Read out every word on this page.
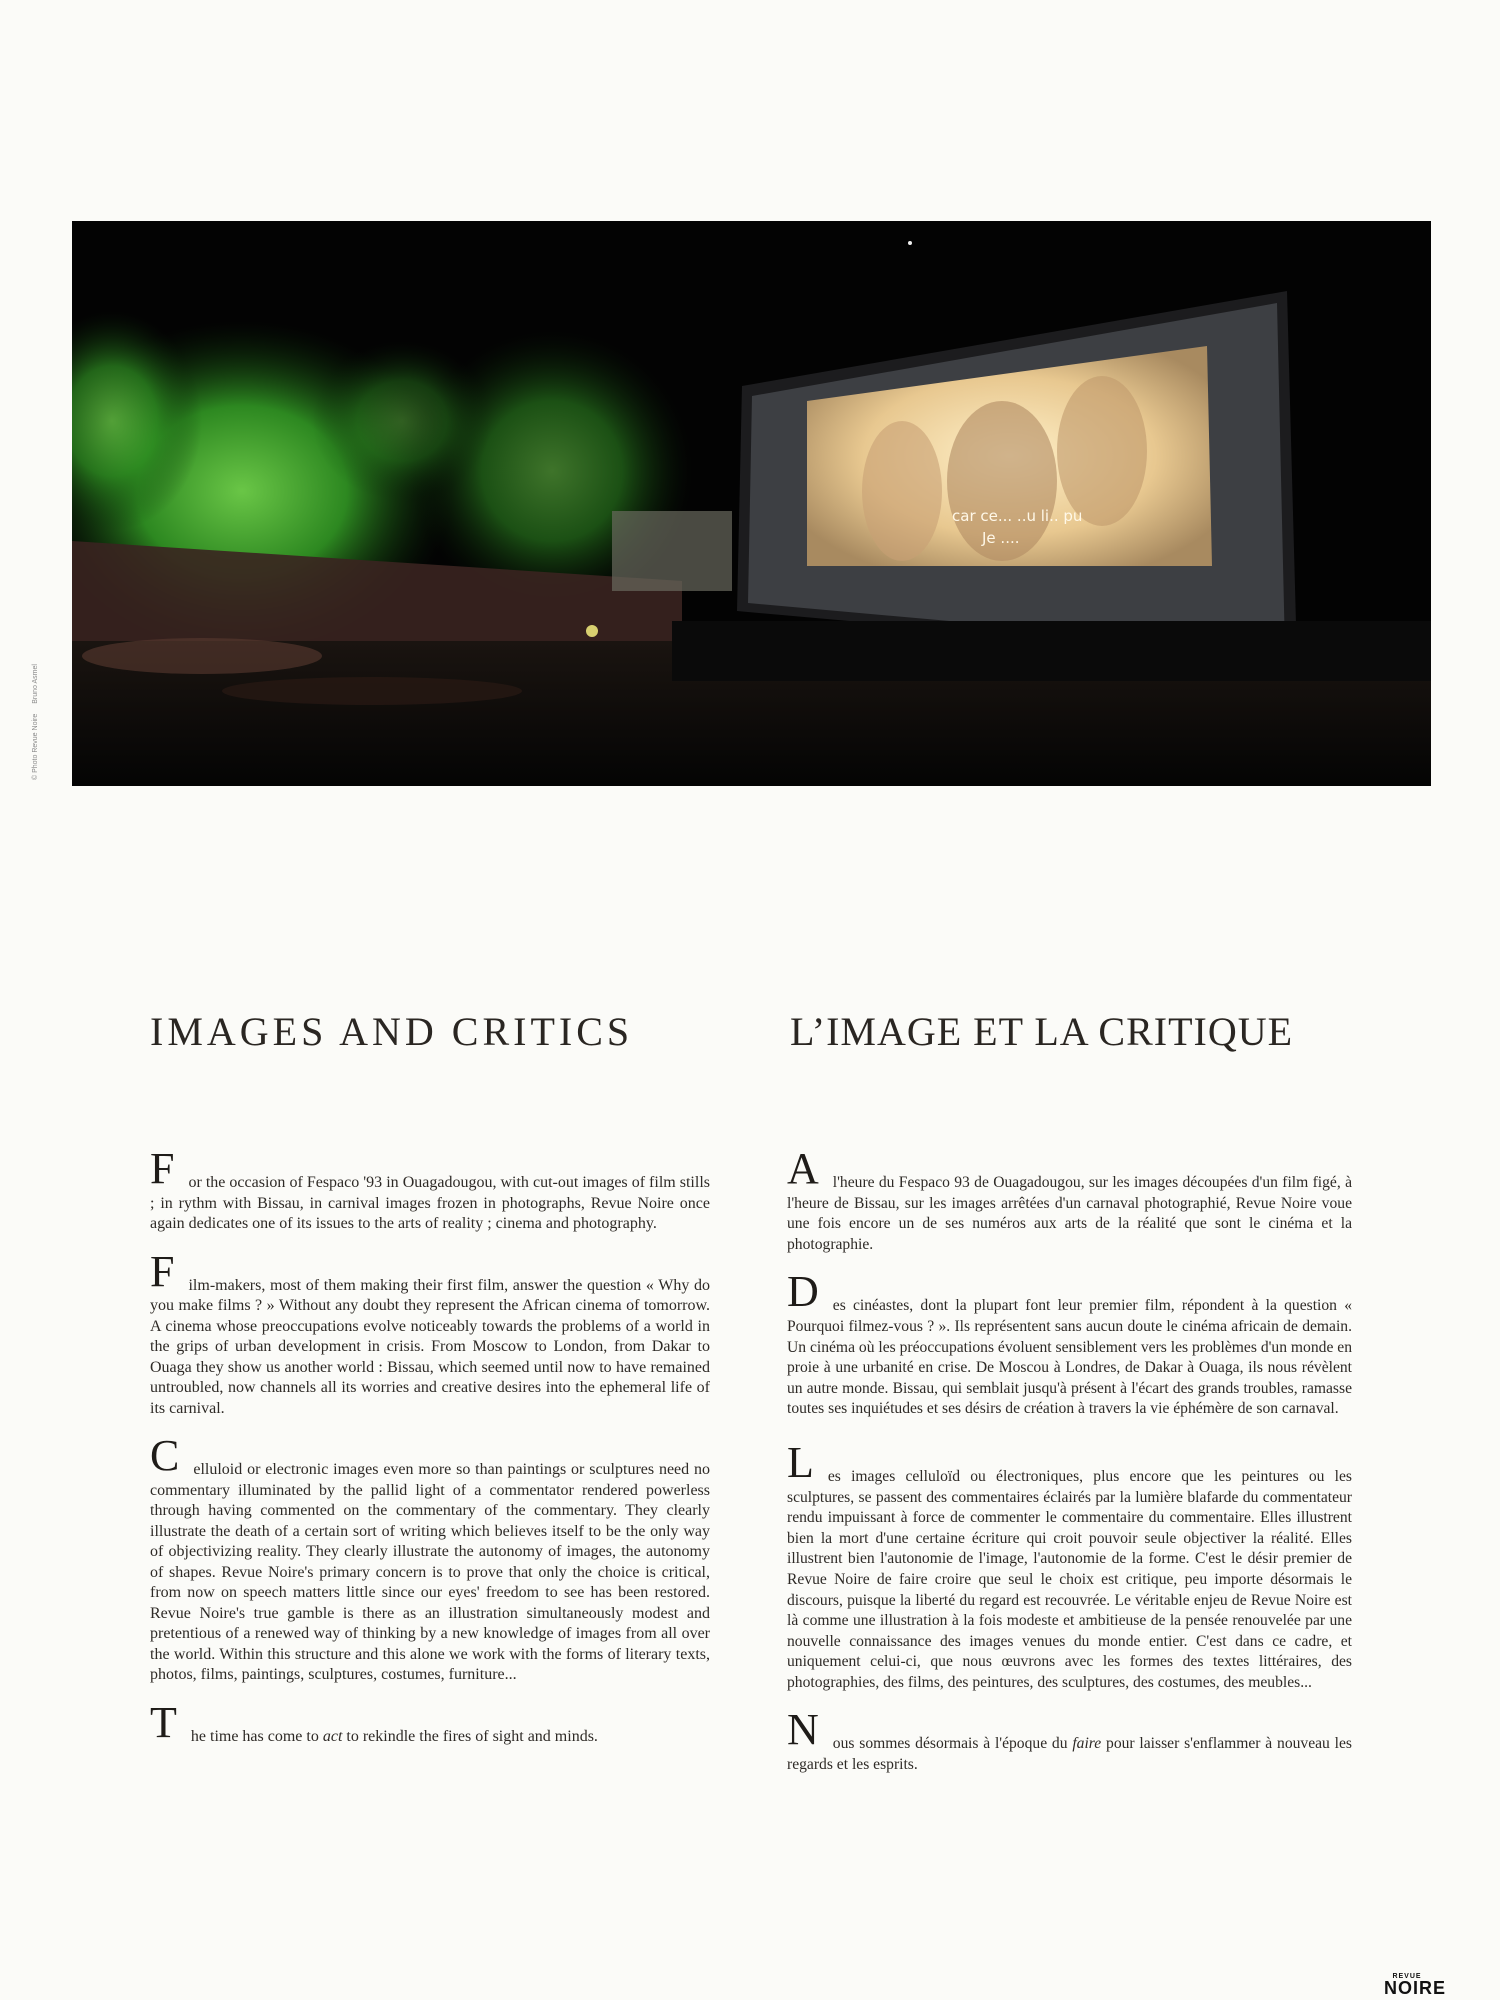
car ce... ..u li.. pu
Je ....
© Photo Revue Noire
Bruno Asmel
IMAGES AND CRITICS	L’IMAGE ET LA CRITIQUE

For the occasion of Fespaco '93 in Ouagadougou, with cut-out images of film stills ; in rythm with Bissau, in carnival images frozen in photographs, Revue Noire once again dedicates one of its issues to the arts of reality ; cinema and photography.

Film-makers, most of them making their first film, answer the question « Why do you make films ? » Without any doubt they represent the African cinema of tomorrow. A cinema whose preoccupations evolve noticeably towards the problems of a world in the grips of urban development in crisis. From Moscow to London, from Dakar to Ouaga they show us another world : Bissau, which seemed until now to have remained untroubled, now channels all its worries and creative desires into the ephemeral life of its carnival.

Celluloid or electronic images even more so than paintings or sculptures need no commentary illuminated by the pallid light of a commentator rendered powerless through having commented on the commentary of the commentary. They clearly illustrate the death of a certain sort of writing which believes itself to be the only way of objectivizing reality. They clearly illustrate the autonomy of images, the autonomy of shapes. Revue Noire's primary concern is to prove that only the choice is critical, from now on speech matters little since our eyes' freedom to see has been restored. Revue Noire's true gamble is there as an illustration simultaneously modest and pretentious of a renewed way of thinking by a new knowledge of images from all over the world. Within this structure and this alone we work with the forms of literary texts, photos, films, paintings, sculptures, costumes, furniture...

The time has come to act to rekindle the fires of sight and minds.

Al'heure du Fespaco 93 de Ouagadougou, sur les images découpées d'un film figé, à l'heure de Bissau, sur les images arrêtées d'un carnaval photographié, Revue Noire voue une fois encore un de ses numéros aux arts de la réalité que sont le cinéma et la photographie.

Des cinéastes, dont la plupart font leur premier film, répondent à la question « Pourquoi filmez-vous ? ». Ils représentent sans aucun doute le cinéma africain de demain. Un cinéma où les préoccupations évoluent sensiblement vers les problèmes d'un monde en proie à une urbanité en crise. De Moscou à Londres, de Dakar à Ouaga, ils nous révèlent un autre monde. Bissau, qui semblait jusqu'à présent à l'écart des grands troubles, ramasse toutes ses inquiétudes et ses désirs de création à travers la vie éphémère de son carnaval.

Les images celluloïd ou électroniques, plus encore que les peintures ou les sculptures, se passent des commentaires éclairés par la lumière blafarde du commentateur rendu impuissant à force de commenter le commentaire du commentaire. Elles illustrent bien la mort d'une certaine écriture qui croit pouvoir seule objectiver la réalité. Elles illustrent bien l'autonomie de l'image, l'autonomie de la forme. C'est le désir premier de Revue Noire de faire croire que seul le choix est critique, peu importe désormais le discours, puisque la liberté du regard est recouvrée. Le véritable enjeu de Revue Noire est là comme une illustration à la fois modeste et ambitieuse de la pensée renouvelée par une nouvelle connaissance des images venues du monde entier. C'est dans ce cadre, et uniquement celui-ci, que nous œuvrons avec les formes des textes littéraires, des photographies, des films, des peintures, des sculptures, des costumes, des meubles...

Nous sommes désormais à l'époque du faire pour laisser s'enflammer à nouveau les regards et les esprits.

REVUE
NOIRE
